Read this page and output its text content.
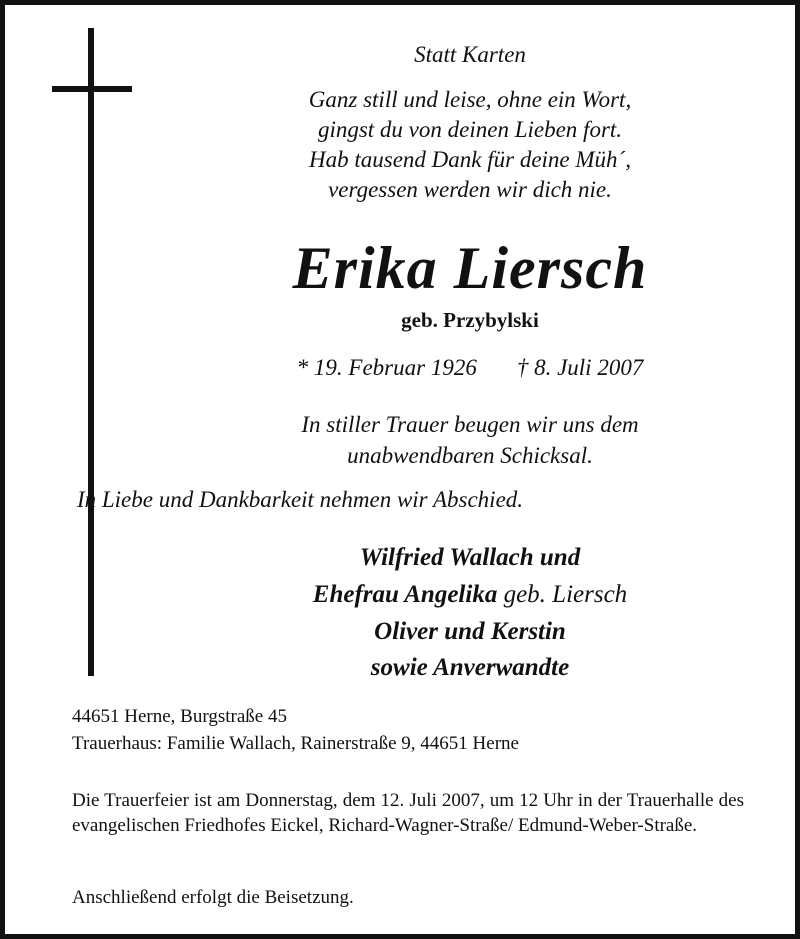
Statt Karten
Ganz still und leise, ohne ein Wort,
gingst du von deinen Lieben fort.
Hab tausend Dank für deine Müh´,
vergessen werden wir dich nie.
Erika Liersch
geb. Przybylski
* 19. Februar 1926 † 8. Juli 2007
In stiller Trauer beugen wir uns dem
unabwendbaren Schicksal.
In Liebe und Dankbarkeit nehmen wir Abschied.
Wilfried Wallach und
Ehefrau Angelika geb. Liersch
Oliver und Kerstin
sowie Anverwandte
44651 Herne, Burgstraße 45
Trauerhaus: Familie Wallach, Rainerstraße 9, 44651 Herne
Die Trauerfeier ist am Donnerstag, dem 12. Juli 2007, um 12 Uhr in der Trauerhalle des evangelischen Friedhofes Eickel, Richard-Wagner-Straße/ Edmund-Weber-Straße.
Anschließend erfolgt die Beisetzung.
